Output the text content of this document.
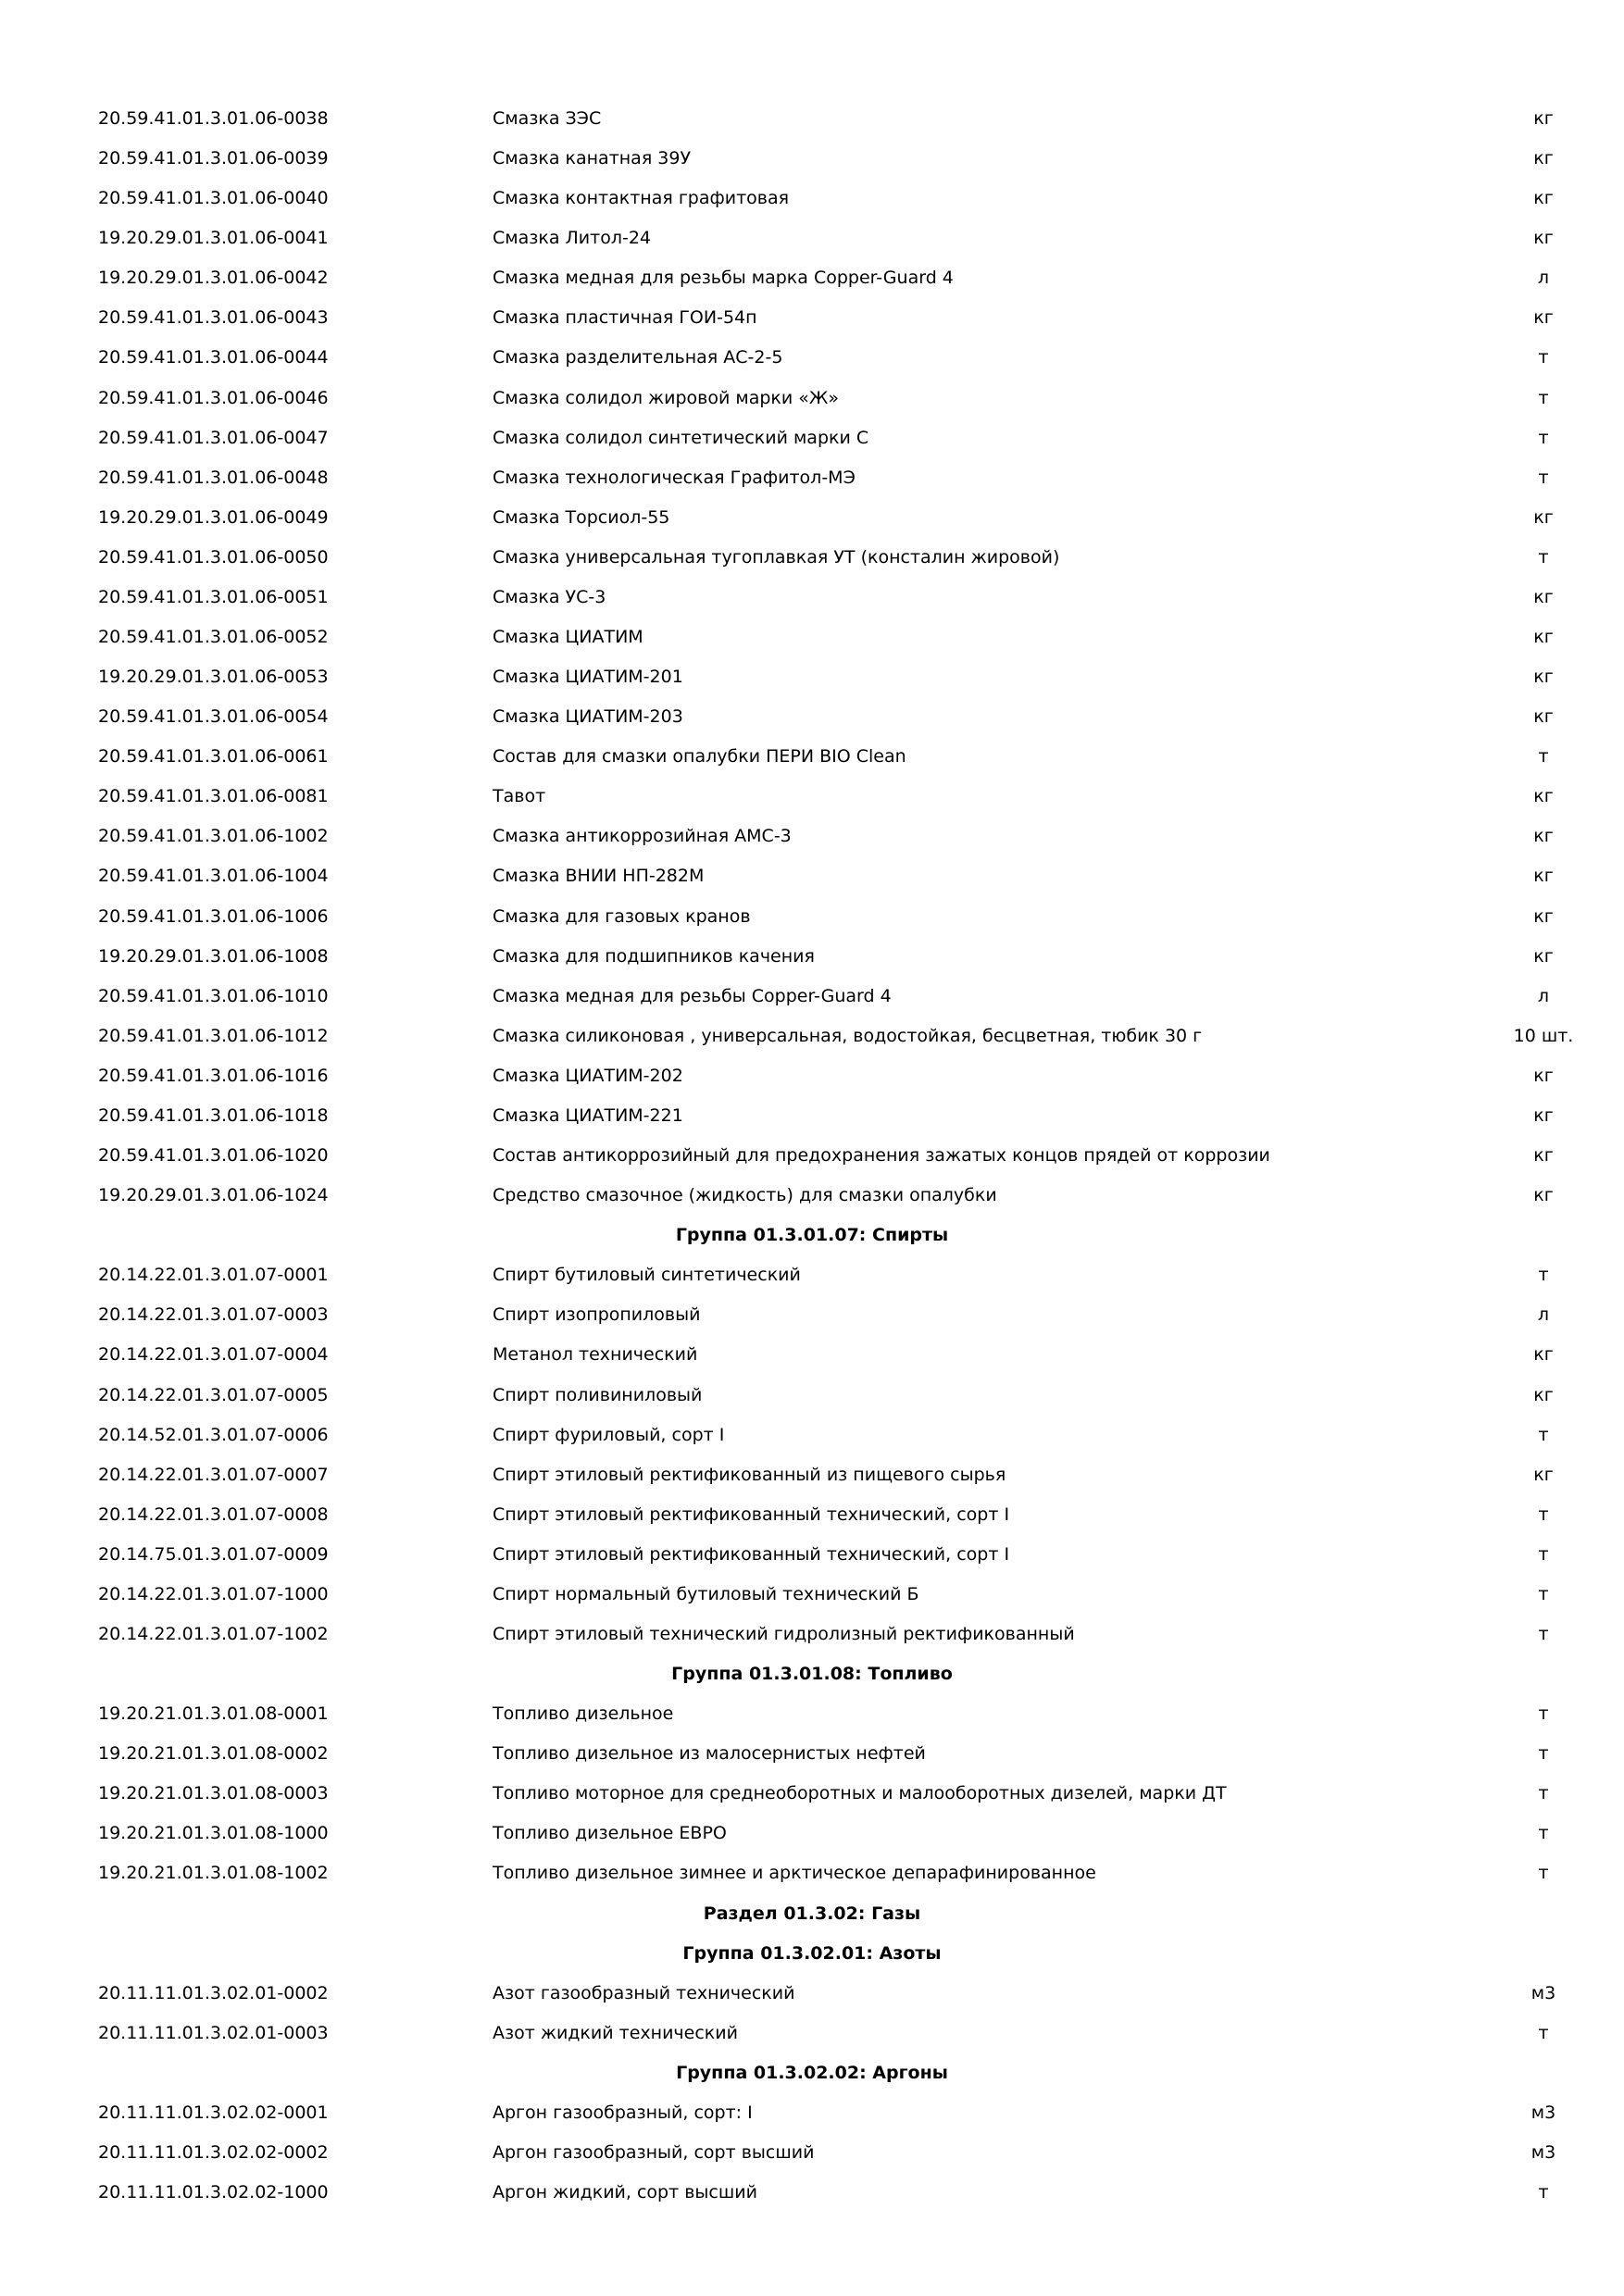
20.59.41.01.3.01.06-0038	Смазка ЗЭС	кг
20.59.41.01.3.01.06-0039	Смазка канатная 39У	кг
20.59.41.01.3.01.06-0040	Смазка контактная графитовая	кг
19.20.29.01.3.01.06-0041	Смазка Литол-24	кг
19.20.29.01.3.01.06-0042	Смазка медная для резьбы марка Copper-Guard 4	л
20.59.41.01.3.01.06-0043	Смазка пластичная ГОИ-54п	кг
20.59.41.01.3.01.06-0044	Смазка разделительная АС-2-5	т
20.59.41.01.3.01.06-0046	Смазка солидол жировой марки «Ж»	т
20.59.41.01.3.01.06-0047	Смазка солидол синтетический марки С	т
20.59.41.01.3.01.06-0048	Смазка технологическая Графитол-МЭ	т
19.20.29.01.3.01.06-0049	Смазка Торсиол-55	кг
20.59.41.01.3.01.06-0050	Смазка универсальная тугоплавкая УТ (консталин жировой)	т
20.59.41.01.3.01.06-0051	Смазка УС-3	кг
20.59.41.01.3.01.06-0052	Смазка ЦИАТИМ	кг
19.20.29.01.3.01.06-0053	Смазка ЦИАТИМ-201	кг
20.59.41.01.3.01.06-0054	Смазка ЦИАТИМ-203	кг
20.59.41.01.3.01.06-0061	Состав для смазки опалубки ПЕРИ BIO Clean	т
20.59.41.01.3.01.06-0081	Тавот	кг
20.59.41.01.3.01.06-1002	Смазка антикоррозийная АМС-3	кг
20.59.41.01.3.01.06-1004	Смазка ВНИИ НП-282М	кг
20.59.41.01.3.01.06-1006	Смазка для газовых кранов	кг
19.20.29.01.3.01.06-1008	Смазка для подшипников качения	кг
20.59.41.01.3.01.06-1010	Смазка медная для резьбы Copper-Guard 4	л
20.59.41.01.3.01.06-1012	Смазка силиконовая , универсальная, водостойкая, бесцветная, тюбик 30 г	10 шт.
20.59.41.01.3.01.06-1016	Смазка ЦИАТИМ-202	кг
20.59.41.01.3.01.06-1018	Смазка ЦИАТИМ-221	кг
20.59.41.01.3.01.06-1020	Состав антикоррозийный для предохранения зажатых концов прядей от коррозии	кг
19.20.29.01.3.01.06-1024	Средство смазочное (жидкость) для смазки опалубки	кг
Группа 01.3.01.07: Спирты
20.14.22.01.3.01.07-0001	Спирт бутиловый синтетический	т
20.14.22.01.3.01.07-0003	Спирт изопропиловый	л
20.14.22.01.3.01.07-0004	Метанол технический	кг
20.14.22.01.3.01.07-0005	Спирт поливиниловый	кг
20.14.52.01.3.01.07-0006	Спирт фуриловый, сорт I	т
20.14.22.01.3.01.07-0007	Спирт этиловый ректификованный из пищевого сырья	кг
20.14.22.01.3.01.07-0008	Спирт этиловый ректификованный технический, сорт I	т
20.14.75.01.3.01.07-0009	Спирт этиловый ректификованный технический, сорт I	т
20.14.22.01.3.01.07-1000	Спирт нормальный бутиловый технический Б	т
20.14.22.01.3.01.07-1002	Спирт этиловый технический гидролизный ректификованный	т
Группа 01.3.01.08: Топливо
19.20.21.01.3.01.08-0001	Топливо дизельное	т
19.20.21.01.3.01.08-0002	Топливо дизельное из малосернистых нефтей	т
19.20.21.01.3.01.08-0003	Топливо моторное для среднеоборотных и малооборотных дизелей, марки ДТ	т
19.20.21.01.3.01.08-1000	Топливо дизельное ЕВРО	т
19.20.21.01.3.01.08-1002	Топливо дизельное зимнее и арктическое депарафинированное	т
Раздел 01.3.02: Газы
Группа 01.3.02.01: Азоты
20.11.11.01.3.02.01-0002	Азот газообразный технический	м3
20.11.11.01.3.02.01-0003	Азот жидкий технический	т
Группа 01.3.02.02: Аргоны
20.11.11.01.3.02.02-0001	Аргон газообразный, сорт: I	м3
20.11.11.01.3.02.02-0002	Аргон газообразный, сорт высший	м3
20.11.11.01.3.02.02-1000	Аргон жидкий, сорт высший	т
